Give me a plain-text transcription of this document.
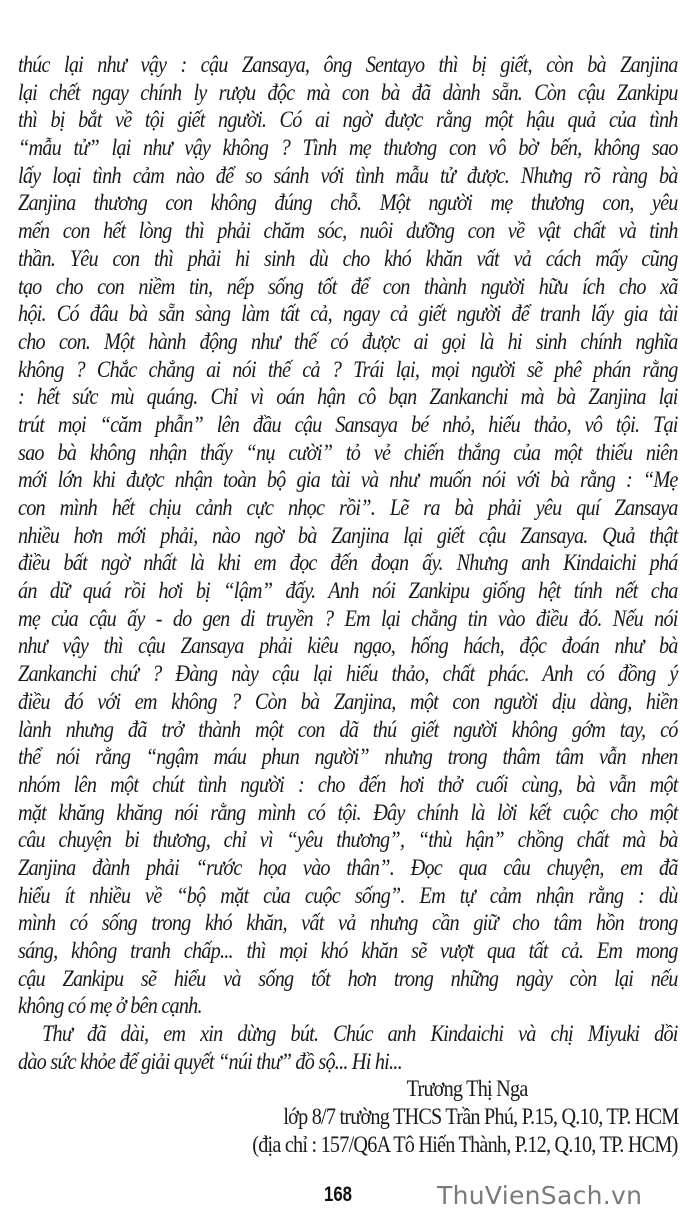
thúc lại như vậy : cậu Zansaya, ông Sentayo thì bị giết, còn bà Zanjina
lại chết ngay chính ly rượu độc mà con bà đã dành sẵn. Còn cậu Zankipu
thì bị bắt về tội giết người. Có ai ngờ được rằng một hậu quả của tình
“mẫu tử” lại như vậy không ? Tình mẹ thương con vô bờ bến, không sao
lấy loại tình cảm nào để so sánh với tình mẫu tử được. Nhưng rõ ràng bà
Zanjina thương con không đúng chỗ. Một người mẹ thương con, yêu
mến con hết lòng thì phải chăm sóc, nuôi dưỡng con về vật chất và tinh
thần. Yêu con thì phải hi sinh dù cho khó khăn vất vả cách mấy cũng
tạo cho con niềm tin, nếp sống tốt để con thành người hữu ích cho xã
hội. Có đâu bà sẵn sàng làm tất cả, ngay cả giết người để tranh lấy gia tài
cho con. Một hành động như thế có được ai gọi là hi sinh chính nghĩa
không ? Chắc chẳng ai nói thế cả ? Trái lại, mọi người sẽ phê phán rằng
: hết sức mù quáng. Chỉ vì oán hận cô bạn Zankanchi mà bà Zanjina lại
trút mọi “căm phẫn” lên đầu cậu Sansaya bé nhỏ, hiếu thảo, vô tội. Tại
sao bà không nhận thấy “nụ cười” tỏ vẻ chiến thắng của một thiếu niên
mới lớn khi được nhận toàn bộ gia tài và như muốn nói với bà rằng : “Mẹ
con mình hết chịu cảnh cực nhọc rồi”. Lẽ ra bà phải yêu quí Zansaya
nhiều hơn mới phải, nào ngờ bà Zanjina lại giết cậu Zansaya. Quả thật
điều bất ngờ nhất là khi em đọc đến đoạn ấy. Nhưng anh Kindaichi phá
án dữ quá rồi hơi bị “lậm” đấy. Anh nói Zankipu giống hệt tính nết cha
mẹ của cậu ấy - do gen di truyền ? Em lại chẳng tin vào điều đó. Nếu nói
như vậy thì cậu Zansaya phải kiêu ngạo, hống hách, độc đoán như bà
Zankanchi chứ ? Đàng này cậu lại hiếu thảo, chất phác. Anh có đồng ý
điều đó với em không ? Còn bà Zanjina, một con người dịu dàng, hiền
lành nhưng đã trở thành một con dã thú giết người không gớm tay, có
thể nói rằng “ngậm máu phun người” nhưng trong thâm tâm vẫn nhen
nhóm lên một chút tình người : cho đến hơi thở cuối cùng, bà vẫn một
mặt khăng khăng nói rằng mình có tội. Đây chính là lời kết cuộc cho một
câu chuyện bi thương, chỉ vì “yêu thương”, “thù hận” chồng chất mà bà
Zanjina đành phải “rước họa vào thân”. Đọc qua câu chuyện, em đã
hiểu ít nhiều về “bộ mặt của cuộc sống”. Em tự cảm nhận rằng : dù
mình có sống trong khó khăn, vất vả nhưng cần giữ cho tâm hồn trong
sáng, không tranh chấp... thì mọi khó khăn sẽ vượt qua tất cả. Em mong
cậu Zankipu sẽ hiểu và sống tốt hơn trong những ngày còn lại nếu
không có mẹ ở bên cạnh.
Thư đã dài, em xin dừng bút. Chúc anh Kindaichi và chị Miyuki dồi
dào sức khỏe để giải quyết “núi thư” đồ sộ... Hi hi...
Trương Thị Nga
lớp 8/7 trường THCS Trần Phú, P.15, Q.10, TP. HCM
(địa chỉ : 157/Q6A Tô Hiến Thành, P.12, Q.10, TP. HCM)
168	ThuVienSach.vn
